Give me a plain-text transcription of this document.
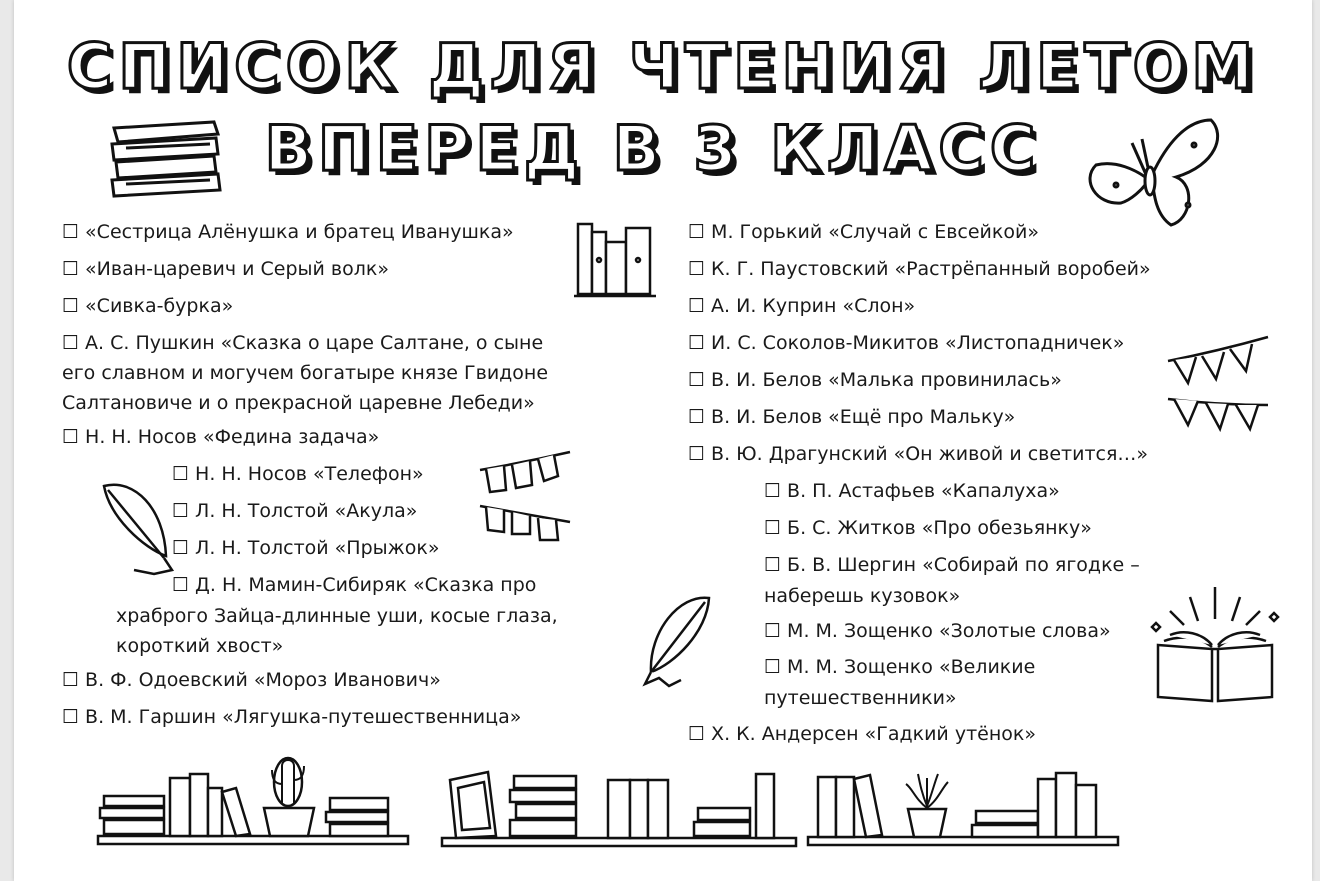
СПИСОК ДЛЯ ЧТЕНИЯ ЛЕТОМ
ВПЕРЕД В 3 КЛАСС
☐ «Сестрица Алёнушка и братец Иванушка»
☐ «Иван-царевич и Серый волк»
☐ «Сивка-бурка»
☐ А. С. Пушкин «Сказка о царе Салтане, о сыне
его славном и могучем богатыре князе Гвидоне
Салтановиче и о прекрасной царевне Лебеди»
☐ Н. Н. Носов «Федина задача»
☐ Н. Н. Носов «Телефон»
☐ Л. Н. Толстой «Акула»
☐ Л. Н. Толстой «Прыжок»
☐ Д. Н. Мамин-Сибиряк «Сказка про
храброго Зайца-длинные уши, косые глаза,
короткий хвост»
☐ В. Ф. Одоевский «Мороз Иванович»
☐ В. М. Гаршин «Лягушка-путешественница»
☐ М. Горький «Случай с Евсейкой»
☐ К. Г. Паустовский «Растрёпанный воробей»
☐ А. И. Куприн «Слон»
☐ И. С. Соколов-Микитов «Листопадничек»
☐ В. И. Белов «Малька провинилась»
☐ В. И. Белов «Ещё про Мальку»
☐ В. Ю. Драгунский «Он живой и светится…»
☐ В. П. Астафьев «Капалуха»
☐ Б. С. Житков «Про обезьянку»
☐ Б. В. Шергин «Собирай по ягодке –
наберешь кузовок»
☐ М. М. Зощенко «Золотые слова»
☐ М. М. Зощенко «Великие
путешественники»
☐ Х. К. Андерсен «Гадкий утёнок»
